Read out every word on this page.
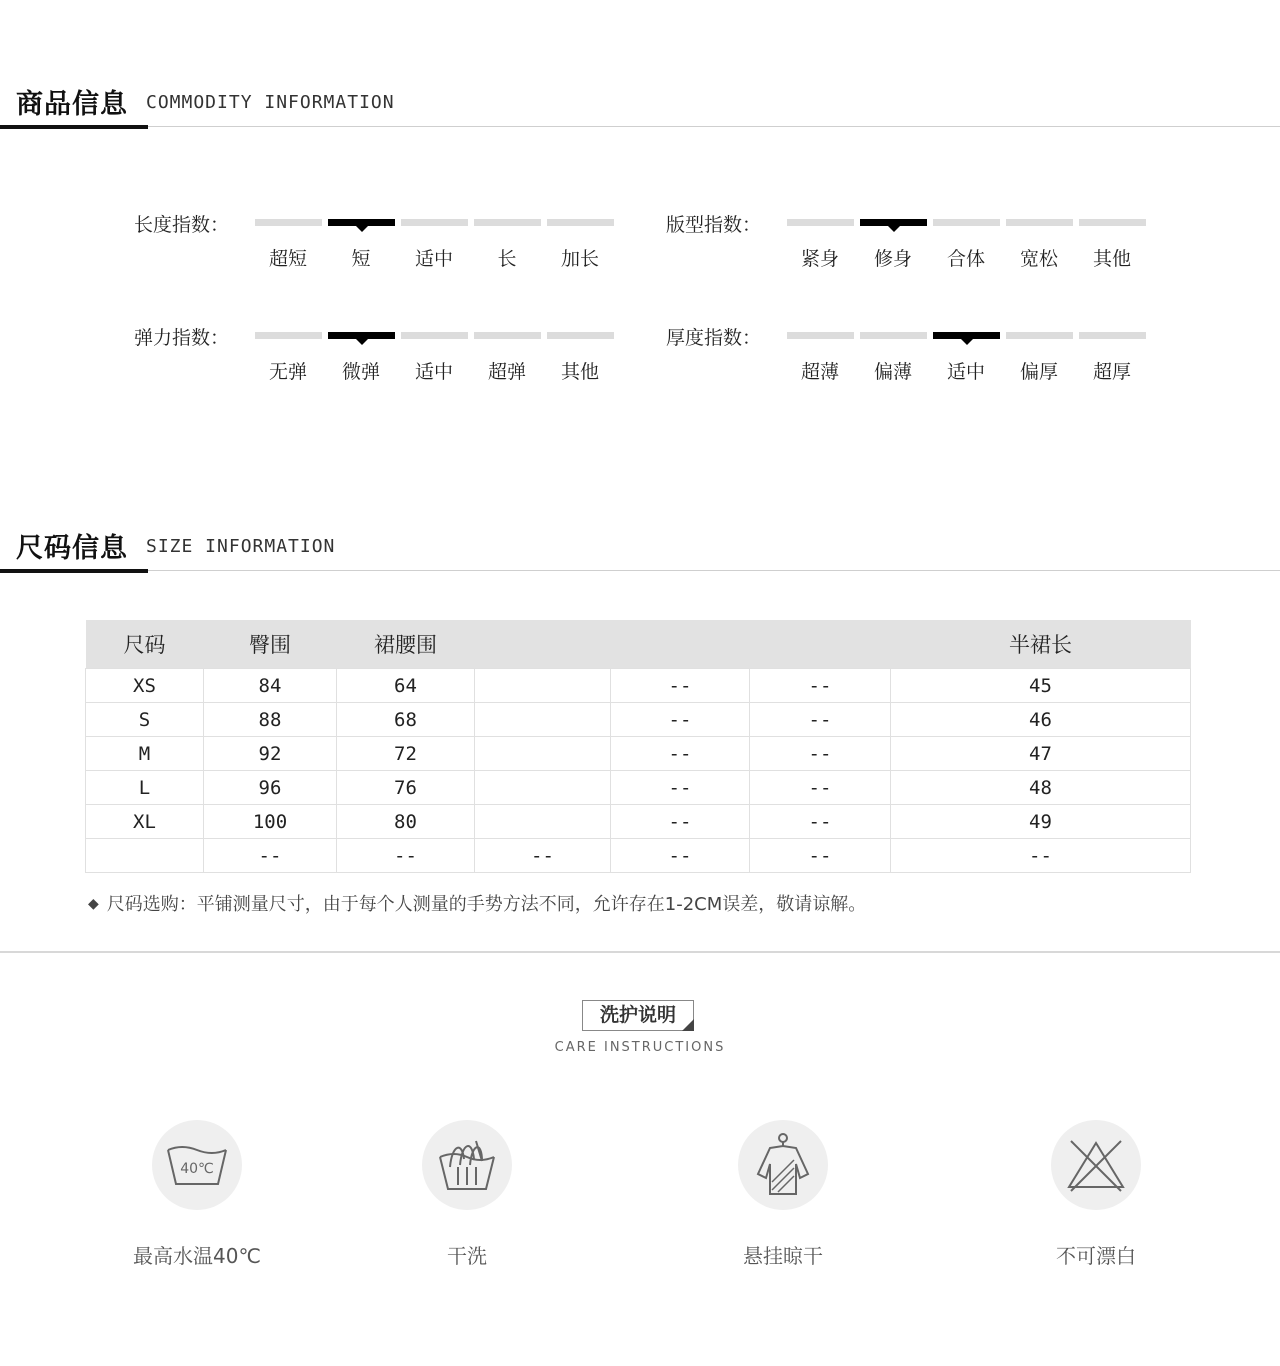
商品信息 COMMODITY INFORMATION
长度指数：
超短	短	适中	长	加长
版型指数：
紧身	修身	合体	宽松	其他
弹力指数：
无弹	微弹	适中	超弹	其他
厚度指数：
超薄	偏薄	适中	偏厚	超厚
尺码信息 SIZE INFORMATION
尺码	臀围	裙腰围				半裙长
XS	84	64		--	--	45
S	88	68		--	--	46
M	92	72		--	--	47
L	96	76		--	--	48
XL	100	80		--	--	49
	--	--	--	--	--	--
◆ 尺码选购：平铺测量尺寸，由于每个人测量的手势方法不同，允许存在1-2CM误差，敬请谅解。
洗护说明
CARE INSTRUCTIONS
40℃
最高水温40℃	干洗	悬挂晾干	不可漂白
